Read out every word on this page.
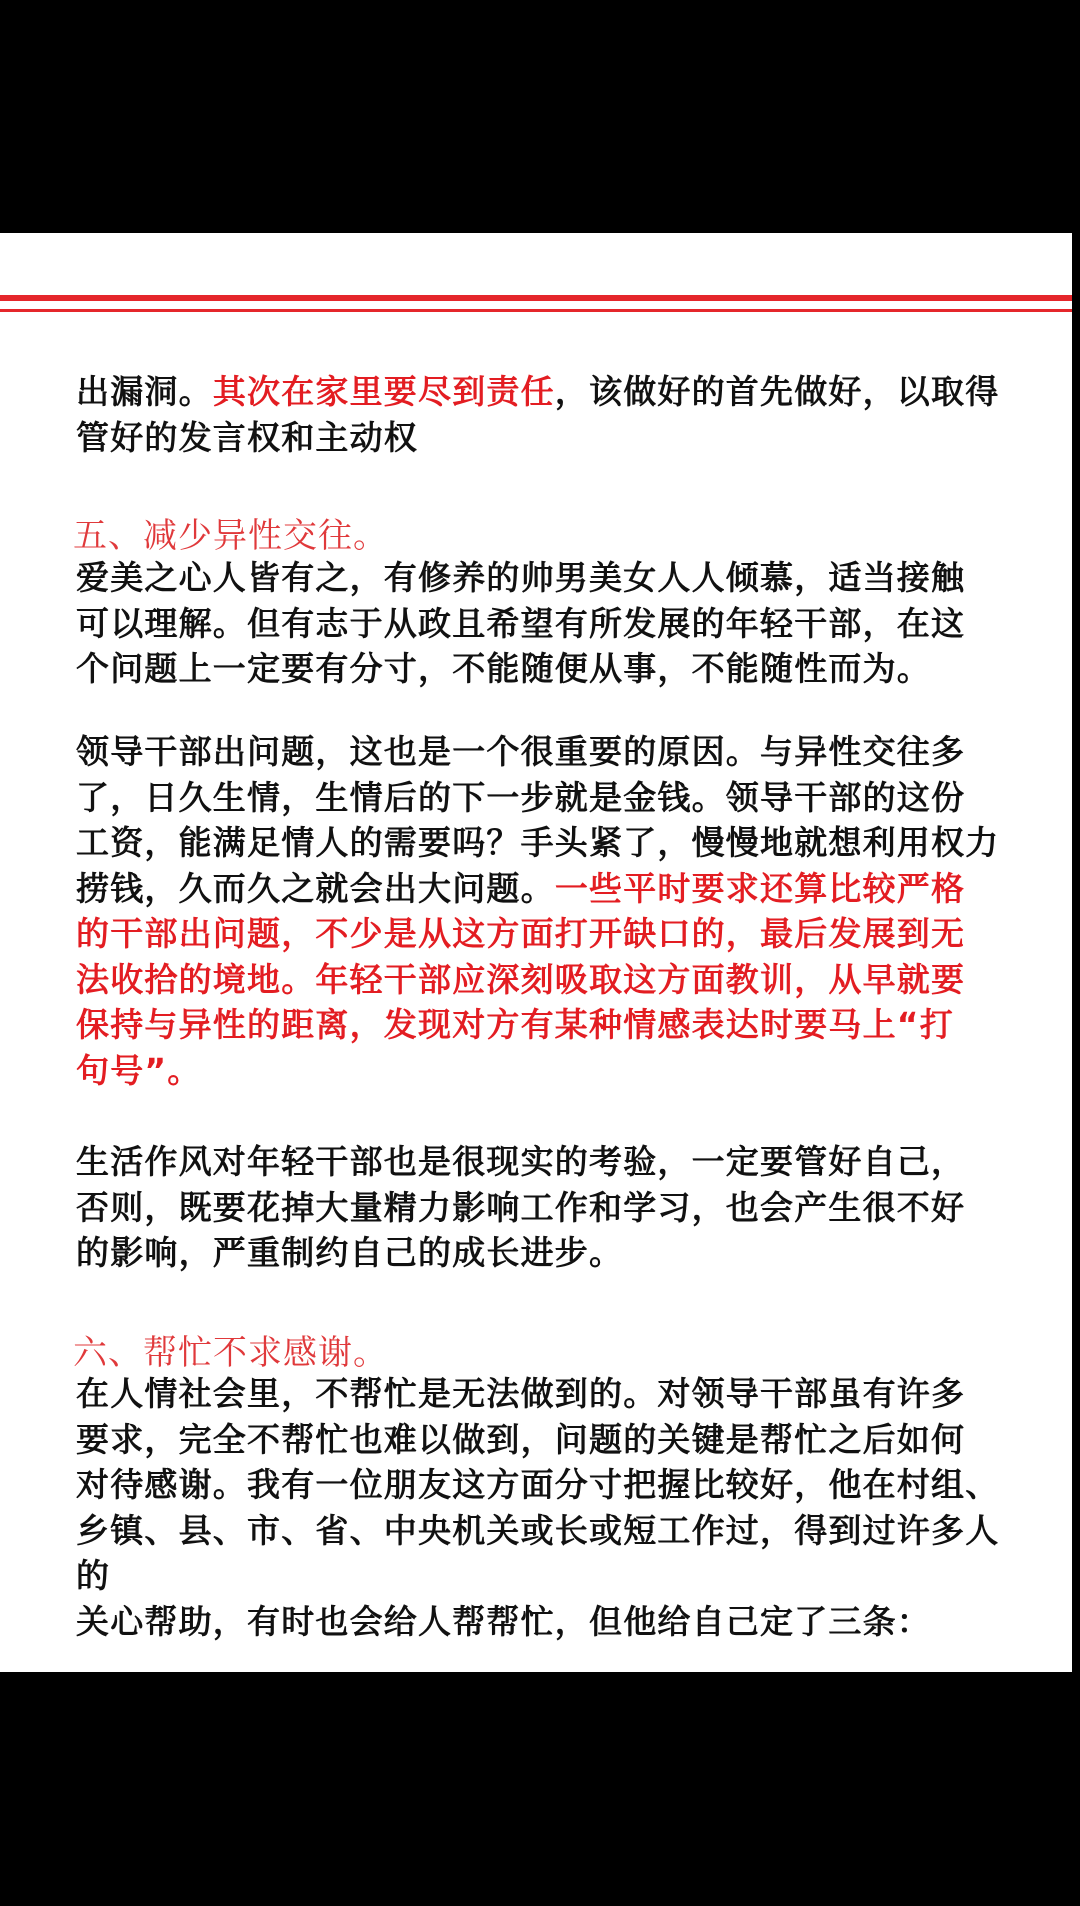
出漏洞。其次在家里要尽到责任，该做好的首先做好，以取得
管好的发言权和主动权
五、减少异性交往。
爱美之心人皆有之，有修养的帅男美女人人倾慕，适当接触
可以理解。但有志于从政且希望有所发展的年轻干部，在这
个问题上一定要有分寸，不能随便从事，不能随性而为。
领导干部出问题，这也是一个很重要的原因。与异性交往多
了，日久生情，生情后的下一步就是金钱。领导干部的这份
工资，能满足情人的需要吗？手头紧了，慢慢地就想利用权力
捞钱，久而久之就会出大问题。一些平时要求还算比较严格
的干部出问题，不少是从这方面打开缺口的，最后发展到无
法收拾的境地。年轻干部应深刻吸取这方面教训，从早就要
保持与异性的距离，发现对方有某种情感表达时要马上“打
句号”。
生活作风对年轻干部也是很现实的考验，一定要管好自己，
否则，既要花掉大量精力影响工作和学习，也会产生很不好
的影响，严重制约自己的成长进步。
六、帮忙不求感谢。
在人情社会里，不帮忙是无法做到的。对领导干部虽有许多
要求，完全不帮忙也难以做到，问题的关键是帮忙之后如何
对待感谢。我有一位朋友这方面分寸把握比较好，他在村组、
乡镇、县、市、省、中央机关或长或短工作过，得到过许多人的
关心帮助，有时也会给人帮帮忙，但他给自己定了三条：
